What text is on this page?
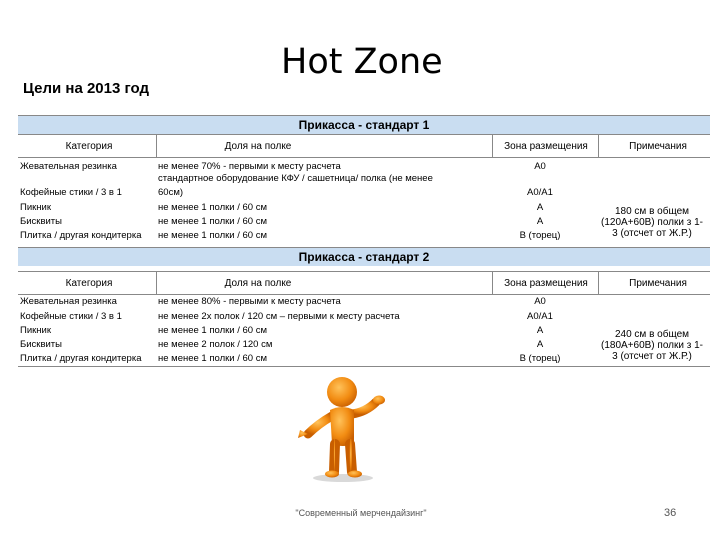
Цели на 2013 год
Hot Zone
Прикасса - стандарт 1
Категория	Доля на полке	Зона размещения	Примечания
Жевательная резинка	не менее 70% - первыми к месту расчета	А0
стандартное оборудование КФУ / сашетница/ полка (не менее
Кофейные стики / 3 в 1	60см)	А0/А1
Пикник	не менее 1 полки / 60 см	А
Бисквиты	не менее 1 полки / 60 см	А
Плитка / другая кондитерка не менее 1 полки / 60 см	В (торец)
180 см в общем
(120А+60В) полки з 1-
3 (отсчет от Ж.Р.)
Прикасса - стандарт 2
Категория	Доля на полке	Зона размещения	Примечания
Жевательная резинка	не менее 80% - первыми к месту расчета	А0
Кофейные стики / 3 в 1	не менее 2х полок / 120 см – первыми к месту расчета	А0/А1
Пикник	не менее 1 полки / 60 см	А
Бисквиты	не менее 2 полок / 120 см	А
Плитка / другая кондитерка не менее 1 полки / 60 см	В (торец)
240 см в общем
(180А+60В) полки з 1-
3 (отсчет от Ж.Р.)
"Современный мерчендайзинг"	36
